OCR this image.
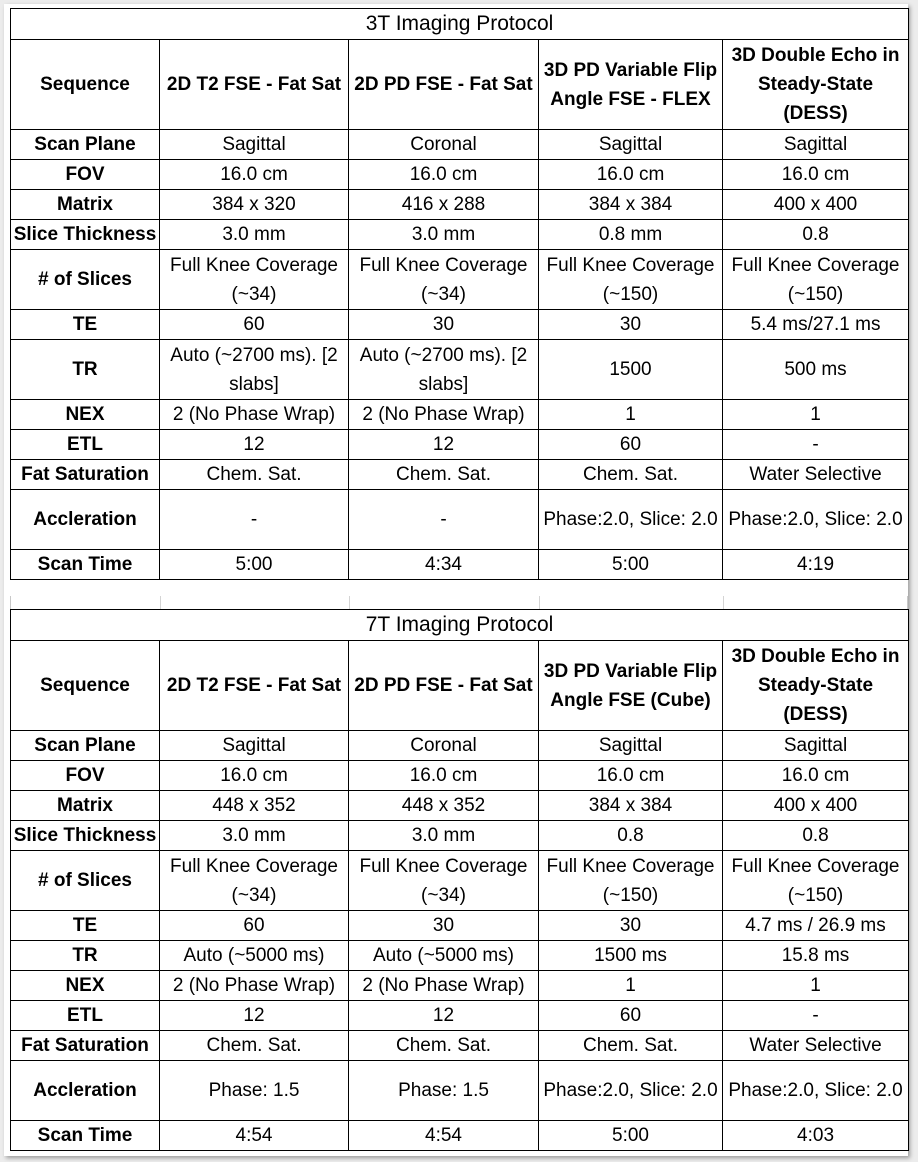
3T Imaging Protocol				
Sequence	2D T2 FSE - Fat Sat	2D PD FSE - Fat Sat	3D PD Variable Flip Angle FSE - FLEX	3D Double Echo in Steady-State (DESS)
Scan Plane	Sagittal	Coronal	Sagittal	Sagittal
FOV	16.0 cm	16.0 cm	16.0 cm	16.0 cm
Matrix	384 x 320	416 x 288	384 x 384	400 x 400
Slice Thickness	3.0 mm	3.0 mm	0.8 mm	0.8
# of Slices	Full Knee Coverage (~34)	Full Knee Coverage (~34)	Full Knee Coverage (~150)	Full Knee Coverage (~150)
TE	60	30	30	5.4 ms/27.1 ms
TR	Auto (~2700 ms). [2 slabs]	Auto (~2700 ms). [2 slabs]	1500	500 ms
NEX	2 (No Phase Wrap)	2 (No Phase Wrap)	1	1
ETL	12	12	60	-
Fat Saturation	Chem. Sat.	Chem. Sat.	Chem. Sat.	Water Selective
Accleration	-	-	Phase:2.0, Slice: 2.0	Phase:2.0, Slice: 2.0
Scan Time	5:00	4:34	5:00	4:19
7T Imaging Protocol				
Sequence	2D T2 FSE - Fat Sat	2D PD FSE - Fat Sat	3D PD Variable Flip Angle FSE (Cube)	3D Double Echo in Steady-State (DESS)
Scan Plane	Sagittal	Coronal	Sagittal	Sagittal
FOV	16.0 cm	16.0 cm	16.0 cm	16.0 cm
Matrix	448 x 352	448 x 352	384 x 384	400 x 400
Slice Thickness	3.0 mm	3.0 mm	0.8	0.8
# of Slices	Full Knee Coverage (~34)	Full Knee Coverage (~34)	Full Knee Coverage (~150)	Full Knee Coverage (~150)
TE	60	30	30	4.7 ms / 26.9 ms
TR	Auto (~5000 ms)	Auto (~5000 ms)	1500 ms	15.8 ms
NEX	2 (No Phase Wrap)	2 (No Phase Wrap)	1	1
ETL	12	12	60	-
Fat Saturation	Chem. Sat.	Chem. Sat.	Chem. Sat.	Water Selective
Accleration	Phase: 1.5	Phase: 1.5	Phase:2.0, Slice: 2.0	Phase:2.0, Slice: 2.0
Scan Time	4:54	4:54	5:00	4:03
